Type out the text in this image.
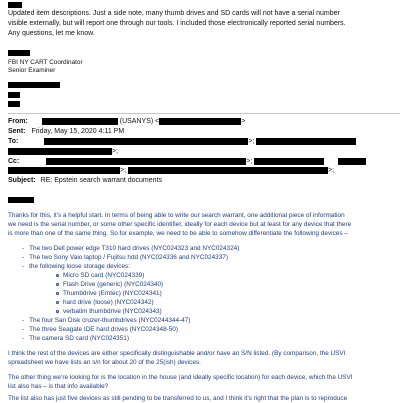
Updated item descriptions. Just a side note, many thumb drives and SD cards will not have a serial number
visible externally, but will report one through our tools. I included those electronically reported serial numbers.
Any questions, let me know.
FBI NY CART Coordinator
Senior Examiner
From:	(USANYS) <	>
Sent: Friday, May 15, 2020 4:11 PM
To:	>;
>;
Cc:	>;
>;	>;
Subject: RE: Epstein search warrant documents
Thanks for this, it’s a helpful start. In terms of being able to write our search warrant, one additional piece of information
we need is the serial number, or some other specific identifier, ideally for each device but at least for any device that there
is more than one of the same thing. So for example, we need to be able to somehow differentiate the following devices –
- The two Dell power edge T310 hard drives (NYC024323 and NYC024324)
- The two Sony Vaio laptop / Fujitsu hdd (NYC024336 and NYC024337)
- the following loose storage devices:
Micro SD card (NYC024339)
Flash Drive (generic) (NYC024340)
Thumbdrive (Emtec) (NYC024341)
hard drive (loose) (NYC024342)
verbatim thumbdrive (NYC024343)
- The four San Disk cruzer-thumbdrives (NYC0244344-47)
- The three Seagate IDE hard drives (NYC024348-50)
- The camera SD card (NYC024351)
I think the rest of the devices are either specifically distinguishable and/or have an S/N listed. (By comparison, the USVI
spreadsheet we have lists an s/n for about 20 of the 25(ish) devices.
The other thing we’re looking for is the location in the house (and ideally specific location) for each device, which the USVI
list also has – is that info available?
The list also has just five devices as still pending to be transferred to us, and I think it’s right that the plan is to reproduce
